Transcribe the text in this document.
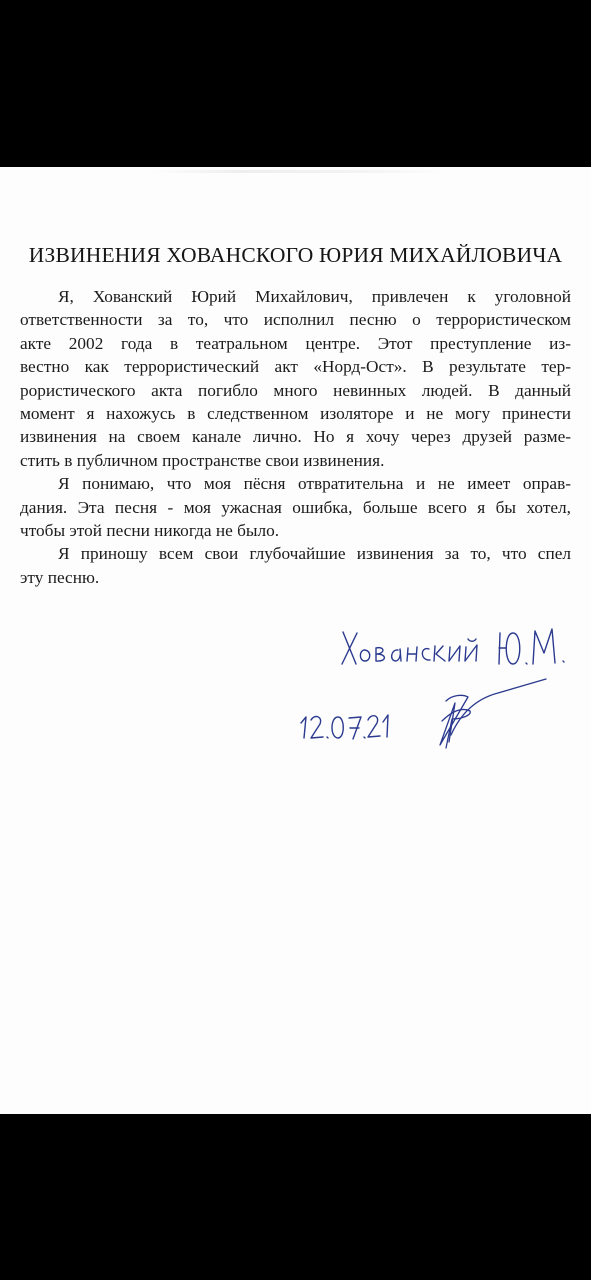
ИЗВИНЕНИЯ ХОВАНСКОГО ЮРИЯ МИХАЙЛОВИЧА
Я, Хованский Юрий Михайлович, привлечен к уголовной
ответственности за то, что исполнил песню о террористическом
акте 2002 года в театральном центре. Этот преступление из-
вестно как террористический акт «Норд-Ост». В результате тер-
рористического акта погибло много невинных людей. В данный
момент я нахожусь в следственном изоляторе и не могу принести
извинения на своем канале лично. Но я хочу через друзей разме-
стить в публичном пространстве свои извинения.
Я понимаю, что моя пёсня отвратительна и не имеет оправ-
дания. Эта песня - моя ужасная ошибка, больше всего я бы хотел,
чтобы этой песни никогда не было.
Я приношу всем свои глубочайшие извинения за то, что спел
эту песню.
